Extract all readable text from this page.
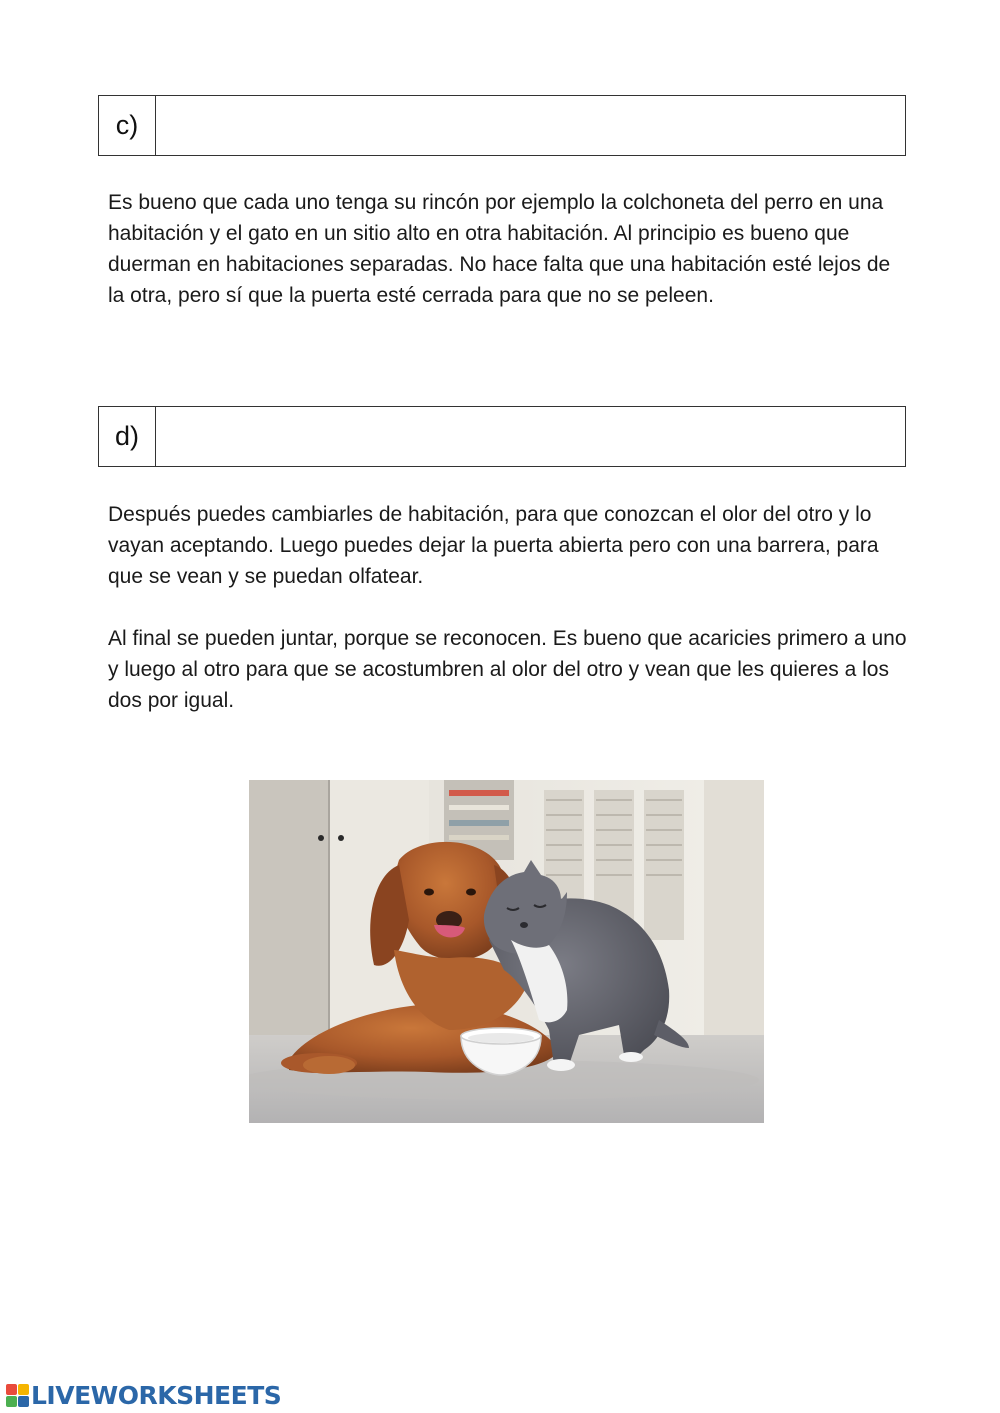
c)

Es bueno que cada uno tenga su rincón por ejemplo la colchoneta del perro en una habitación y el gato en un sitio alto en otra habitación. Al principio es bueno que duerman en habitaciones separadas. No hace falta que una habitación esté lejos de la otra, pero sí que la puerta esté cerrada para que no se peleen.

d)

Después puedes cambiarles de habitación, para que conozcan el olor del otro y lo vayan aceptando. Luego puedes dejar la puerta abierta pero con una barrera, para que se vean y se puedan olfatear.

Al final se pueden juntar, porque se reconocen. Es bueno que acaricies primero a uno y luego al otro para que se acostumbren al olor del otro y vean que les quieres a los dos por igual.

LIVEWORKSHEETS
